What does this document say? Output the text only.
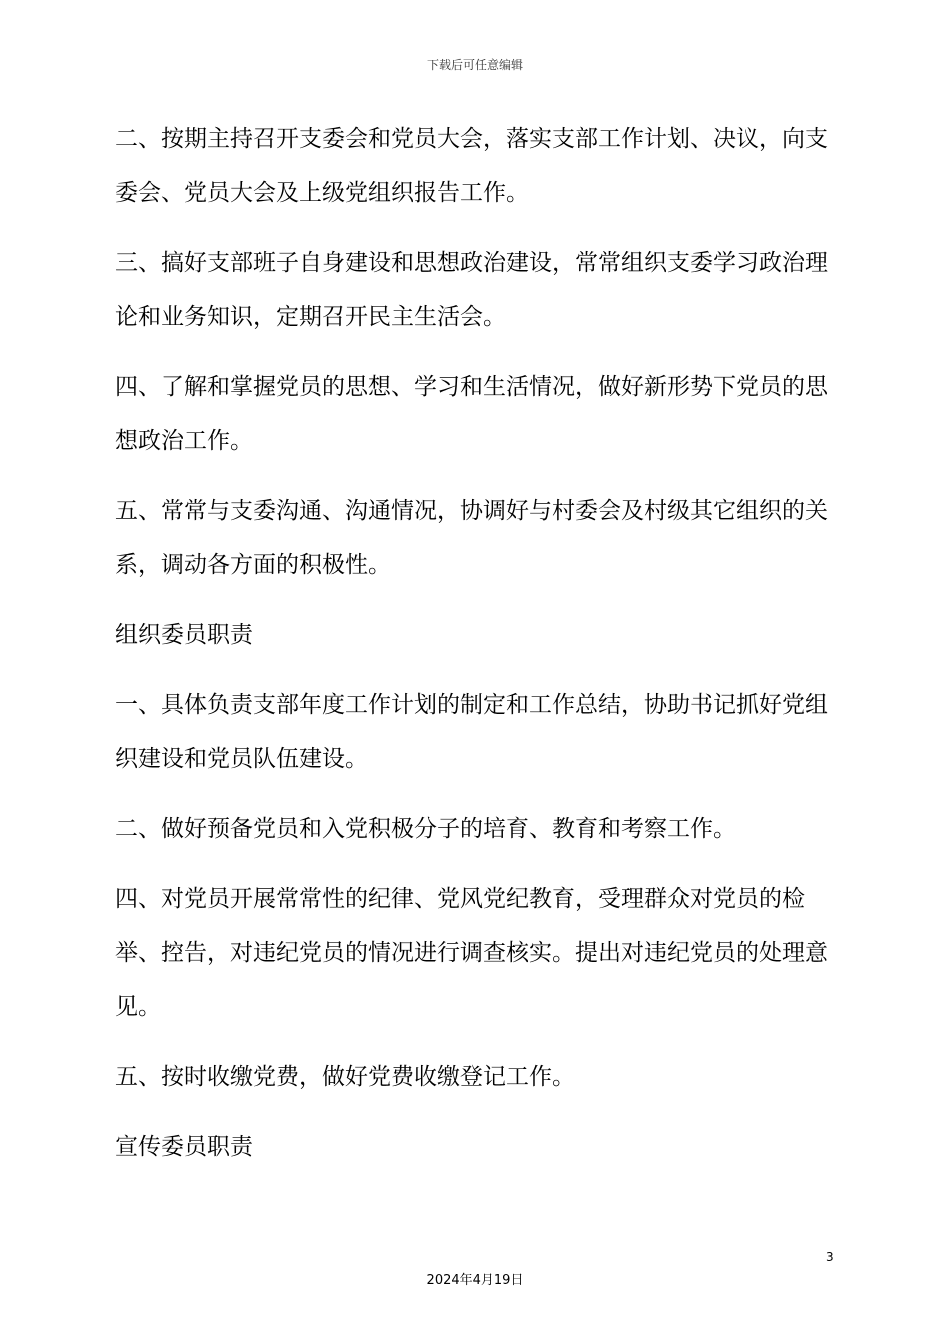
下载后可任意编辑

二、按期主持召开支委会和党员大会，落实支部工作计划、决议，向支委会、党员大会及上级党组织报告工作。

三、搞好支部班子自身建设和思想政治建设，常常组织支委学习政治理论和业务知识，定期召开民主生活会。

四、了解和掌握党员的思想、学习和生活情况，做好新形势下党员的思想政治工作。

五、常常与支委沟通、沟通情况，协调好与村委会及村级其它组织的关系，调动各方面的积极性。

组织委员职责

一、具体负责支部年度工作计划的制定和工作总结，协助书记抓好党组织建设和党员队伍建设。

二、做好预备党员和入党积极分子的培育、教育和考察工作。

四、对党员开展常常性的纪律、党风党纪教育，受理群众对党员的检举、控告，对违纪党员的情况进行调查核实。提出对违纪党员的处理意见。

五、按时收缴党费，做好党费收缴登记工作。

宣传委员职责

3
2024年4月19日
